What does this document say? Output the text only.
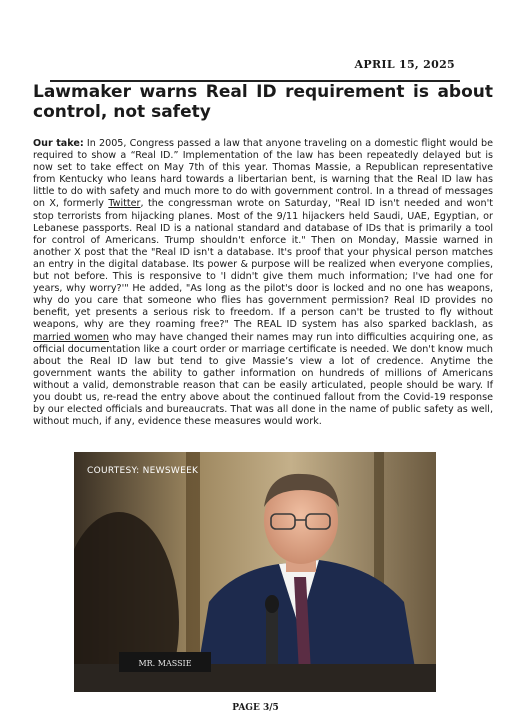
APRIL 15, 2025
Lawmaker warns Real ID requirement is about control, not safety

Our take: In 2005, Congress passed a law that anyone traveling on a domestic flight would be required to show a “Real ID.” Implementation of the law has been repeatedly delayed but is now set to take effect on May 7th of this year. Thomas Massie, a Republican representative from Kentucky who leans hard towards a libertarian bent, is warning that the Real ID law has little to do with safety and much more to do with government control. In a thread of messages on X, formerly Twitter, the congressman wrote on Saturday, "Real ID isn't needed and won't stop terrorists from hijacking planes. Most of the 9/11 hijackers held Saudi, UAE, Egyptian, or Lebanese passports. Real ID is a national standard and database of IDs that is primarily a tool for control of Americans. Trump shouldn't enforce it." Then on Monday, Massie warned in another X post that the "Real ID isn't a database. It's proof that your physical person matches an entry in the digital database. Its power & purpose will be realized when everyone complies, but not before. This is responsive to 'I didn't give them much information; I've had one for years, why worry?'" He added, "As long as the pilot's door is locked and no one has weapons, why do you care that someone who flies has government permission? Real ID provides no benefit, yet presents a serious risk to freedom. If a person can't be trusted to fly without weapons, why are they roaming free?" The REAL ID system has also sparked backlash, as married women who may have changed their names may run into difficulties acquiring one, as official documentation like a court order or marriage certificate is needed. We don't know much about the Real ID law but tend to give Massie’s view a lot of credence. Anytime the government wants the ability to gather information on hundreds of millions of Americans without a valid, demonstrable reason that can be easily articulated, people should be wary. If you doubt us, re-read the entry above about the continued fallout from the Covid-19 response by our elected officials and bureaucrats. That was all done in the name of public safety as well, without much, if any, evidence these measures would work.

MR. MASSIE
COURTESY: NEWSWEEK
PAGE 3/5
